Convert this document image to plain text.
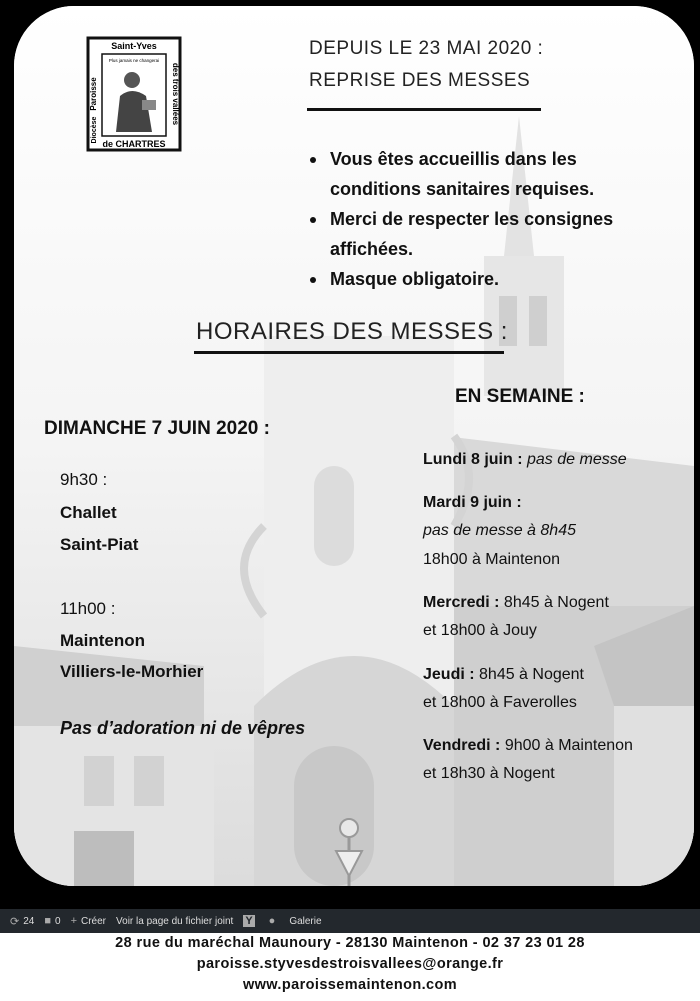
Saint-Yves
de CHARTRES
Paroisse	des trois vallées
Diocèse
Plus jamais ne changerai
DEPUIS LE 23 MAI 2020 :
REPRISE DES MESSES
Vous êtes accueillis dans les
conditions sanitaires requises.
Merci de respecter les consignes
affichées.
Masque obligatoire.
HORAIRES DES MESSES :
EN SEMAINE :
DIMANCHE 7 JUIN 2020 :
9h30 :
Challet
Saint-Piat
11h00 :
Maintenon
Villiers-le-Morhier
Pas d’adoration ni de vêpres
Lundi 8 juin : pas de messe
Mardi 9 juin :
pas de messe à 8h45
18h00 à Maintenon
Mercredi : 8h45 à Nogent
et 18h00 à Jouy
Jeudi : 8h45 à Nogent
et 18h00 à Faverolles
Vendredi : 9h00 à Maintenon
et 18h30 à Nogent
⟳ 24 ■ 0 + Créer Voir la page du fichier joint Y ● Galerie
28 rue du maréchal Maunoury - 28130 Maintenon - 02 37 23 01 28
paroisse.styvesdestroisvallees@orange.fr
www.paroissemaintenon.com
